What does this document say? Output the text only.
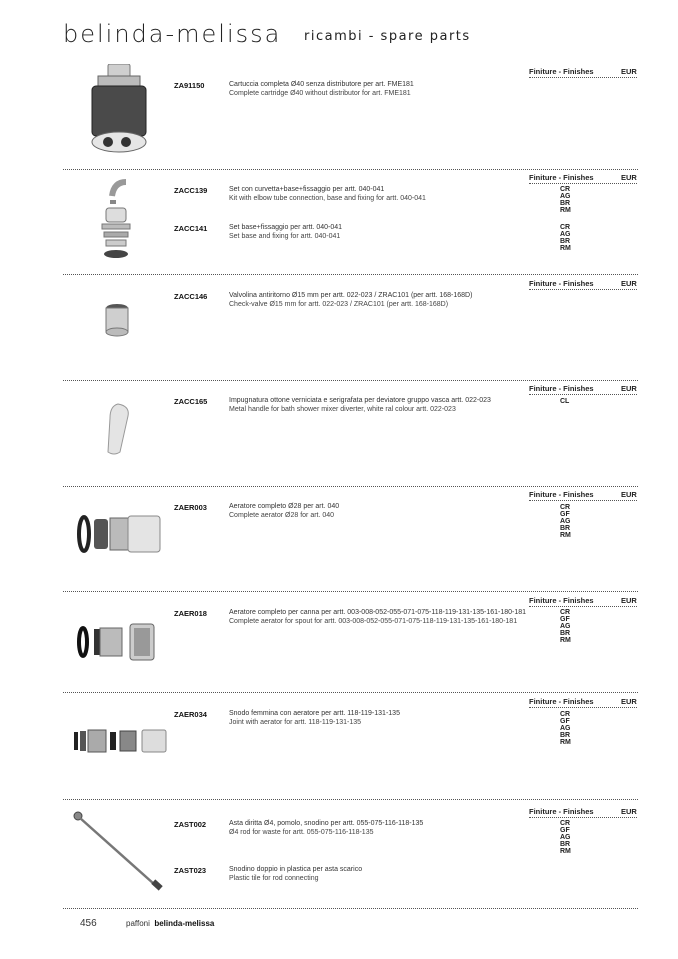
belinda-melissa ricambi - spare parts
Finiture - Finishes	EUR
ZA91150	Cartuccia completa Ø40 senza distributore per art. FME181
Complete cartridge Ø40 without distributor for art. FME181
Finiture - Finishes	EUR
ZACC139	Set con curvetta+base+fissaggio per artt. 040-041
Kit with elbow tube connection, base and fixing for artt. 040-041
CR
AG
BR
RM
ZACC141	Set base+fissaggio per artt. 040-041
Set base and fixing for artt. 040-041
CR
AG
BR
RM
Finiture - Finishes	EUR
ZACC146	Valvolina antiritorno Ø15 mm per artt. 022-023 / ZRAC101 (per artt. 168-168D)
Check-valve Ø15 mm for artt. 022-023 / ZRAC101 (per artt. 168-168D)
Finiture - Finishes	EUR
ZACC165	Impugnatura ottone verniciata e serigrafata per deviatore gruppo vasca artt. 022-023
Metal handle for bath shower mixer diverter, white ral colour artt. 022-023
CL
Finiture - Finishes	EUR
ZAER003	Aeratore completo Ø28 per art. 040
Complete aerator Ø28 for art. 040
CR
GF
AG
BR
RM
Finiture - Finishes	EUR
ZAER018	Aeratore completo per canna per artt. 003-008-052-055-071-075-118-119-131-135-161-180-181
Complete aerator for spout for artt. 003-008-052-055-071-075-118-119-131-135-161-180-181
CR
GF
AG
BR
RM
Finiture - Finishes	EUR
ZAER034	Snodo femmina con aeratore per artt. 118-119-131-135
Joint with aerator for artt. 118-119-131-135
CR
GF
AG
BR
RM
Finiture - Finishes	EUR
ZAST002	Asta diritta Ø4, pomolo, snodino per artt. 055-075-116-118-135
Ø4 rod for waste for artt. 055-075-116-118-135
CR
GF
AG
BR
RM
ZAST023	Snodino doppio in plastica per asta scarico
Plastic tile for rod connecting
456	paffoni belinda-melissa
